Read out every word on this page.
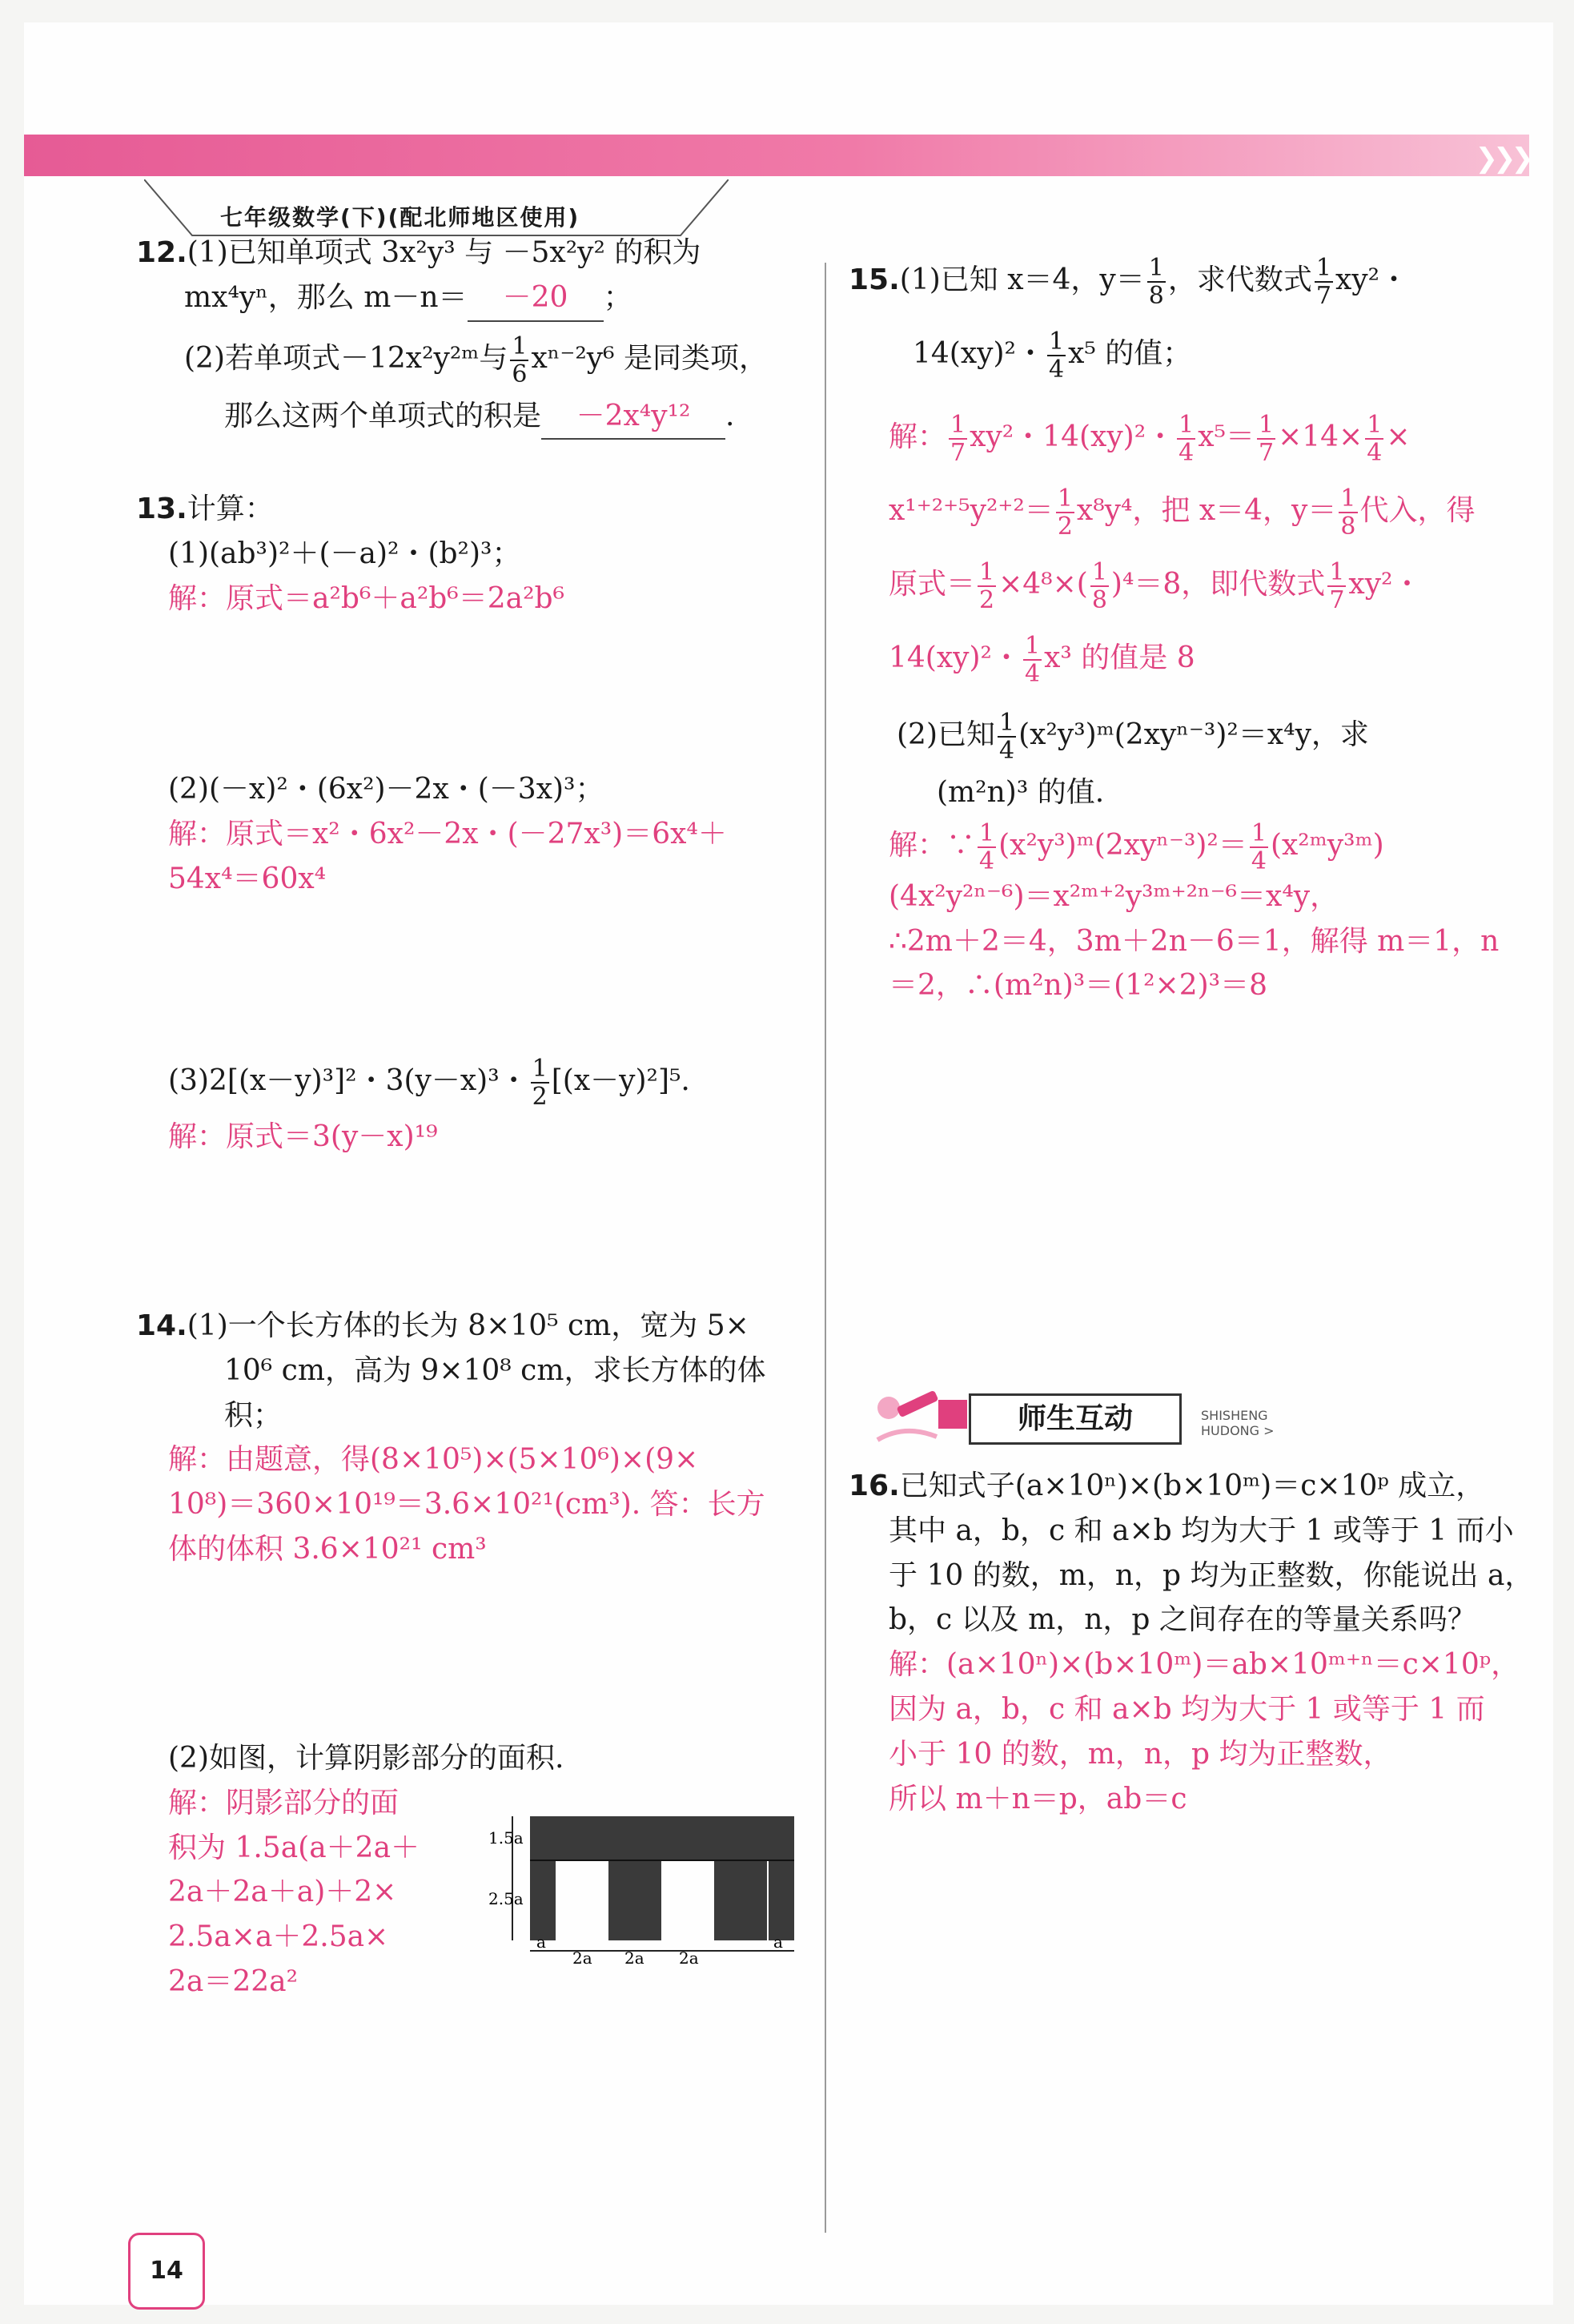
❯❯❯
七年级数学(下)(配北师地区使用)
12.(1)已知单项式 3x²y³ 与 －5x²y² 的积为
mx⁴yⁿ，那么 m－n＝ －20 ；
(2)若单项式－12x²y²ᵐ与 $\frac{1}{6} x^{n-2}y^6$ 是同类项，
那么这两个单项式的积是 －2x⁴y¹² .
13.计算：
(1)(ab³)²＋(－a)²・(b²)³；
解：原式＝a²b⁶＋a²b⁶＝2a²b⁶
(2)(－x)²・(6x²)－2x・(－3x)³；
解：原式＝x²・6x²－2x・(－27x³)＝6x⁴＋
54x⁴＝60x⁴
(3)2[(x－y)³]²・3(y－x)³・ $\frac{1}{2} [(x-y)^2]^5$.
解：原式＝3(y－x)¹⁹
14.(1)一个长方体的长为 8×10⁵ cm，宽为 5×
10⁶ cm，高为 9×10⁸ cm，求长方体的体积；
解：由题意，得(8×10⁵)×(5×10⁶)×(9×
10⁸)＝360×10¹⁹＝3.6×10²¹(cm³). 答：长方
体的体积 3.6×10²¹ cm³
(2)如图，计算阴影部分的面积.
解：阴影部分的面
积为 1.5a(a＋2a＋
2a＋2a＋a)＋2×
2.5a×a＋2.5a×
2a＝22a²
1.5a
2.5a
a
2a 2a 2a
a
15.(1)已知 x＝4，$y= \frac{1}{8}$ ，求代数式 $\frac{1}{7} xy^2$・
14(xy)²・ $\frac{1}{4} x^5$ 的值；
解： $\frac{1}{7} xy^2$・14(xy)²・ $\frac{1}{4} x^5= \frac{1}{7} \times 14\times \frac{1}{4}$ ×
$x^{1+2+5}y^{2+2}= \frac{1}{2} x^8y^4$，把 x＝4，$y= \frac{1}{8}$ 代入，得
原式＝ $\frac{1}{2} \times 4^8\times( \frac{1}{8} )^4=8$，即代数式 $\frac{1}{7} xy^2$・
14(xy)²・ $\frac{1}{4} x^3$ 的值是 8
(2)已知 $\frac{1}{4}$ (x²y³)ᵐ(2xyⁿ⁻³)²＝x⁴y，求
(m²n)³ 的值.
解：∵ $\frac{1}{4}$ (x²y³)ᵐ(2xyⁿ⁻³)²＝ $\frac{1}{4}$ (x²ᵐy³ᵐ)
(4x²y²ⁿ⁻⁶)＝x²ᵐ⁺²y³ᵐ⁺²ⁿ⁻⁶＝x⁴y，
∴2m＋2＝4，3m＋2n－6＝1，解得 m＝1，n
＝2，∴(m²n)³＝(1²×2)³＝8
师生互动	SHISHENG HUDONG >
16.已知式子(a×10ⁿ)×(b×10ᵐ)＝c×10ᵖ 成立，
其中 a，b，c 和 a×b 均为大于 1 或等于 1 而小
于 10 的数，m，n，p 均为正整数，你能说出 a，
b，c 以及 m，n，p 之间存在的等量关系吗？
解：(a×10ⁿ)×(b×10ᵐ)＝ab×10ᵐ⁺ⁿ＝c×10ᵖ，
因为 a，b，c 和 a×b 均为大于 1 或等于 1 而
小于 10 的数，m，n，p 均为正整数，
所以 m＋n＝p，ab＝c
14
